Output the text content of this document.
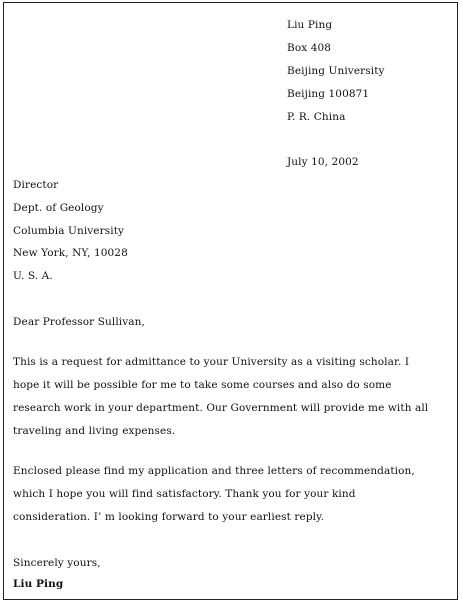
Liu Ping
Box 408
Beijing University
Beijing 100871
P. R. China
July 10, 2002
Director
Dept. of Geology
Columbia University
New York, NY, 10028
U. S. A.
Dear Professor Sullivan,
This is a request for admittance to your University as a visiting scholar. I
hope it will be possible for me to take some courses and also do some
research work in your department. Our Government will provide me with all
traveling and living expenses.
Enclosed please find my application and three letters of recommendation,
which I hope you will find satisfactory. Thank you for your kind
consideration. I’ m looking forward to your earliest reply.
Sincerely yours,
Liu Ping
